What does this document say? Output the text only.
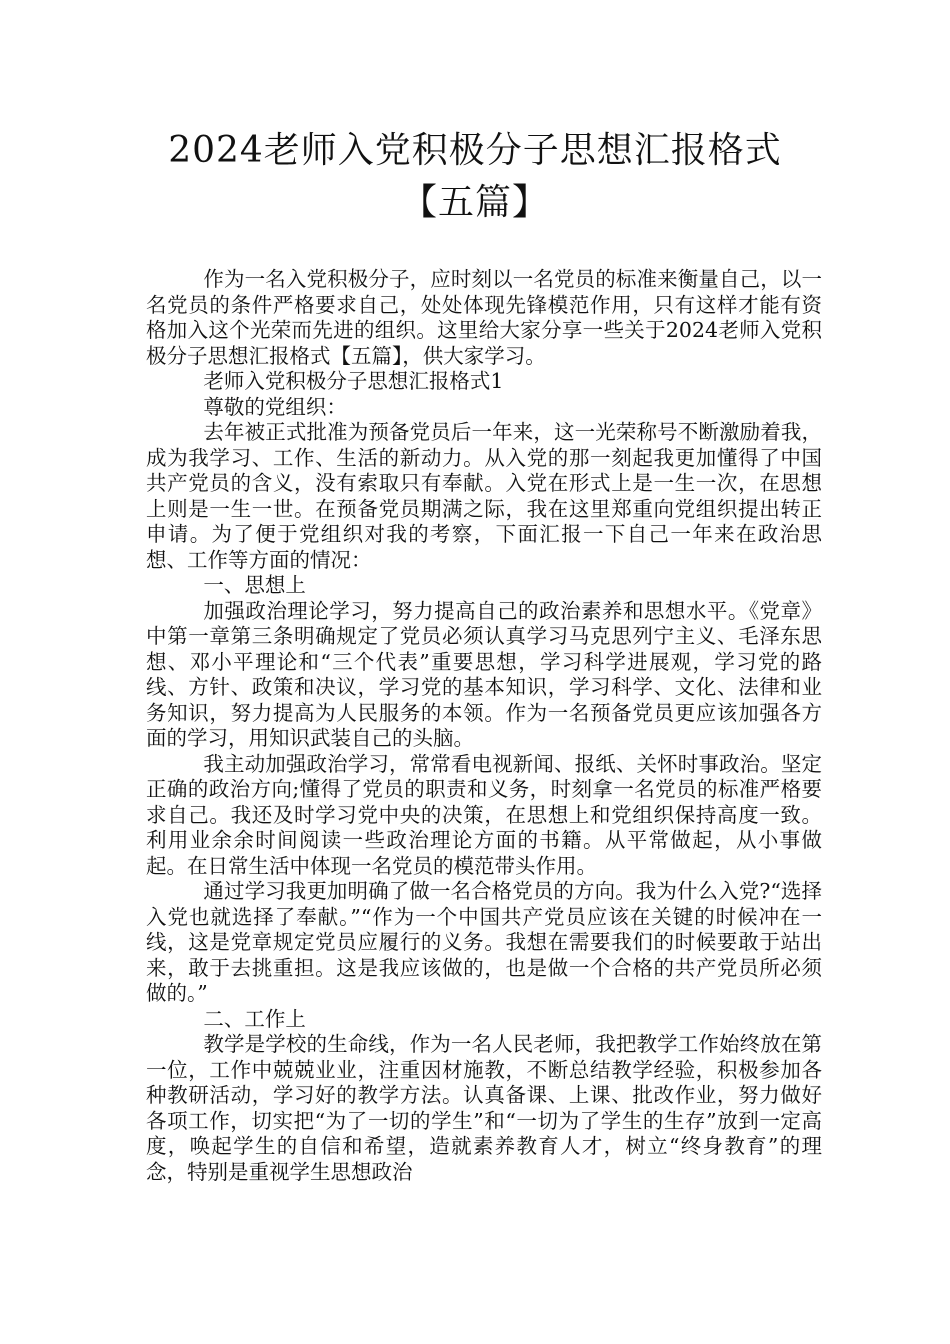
2024老师入党积极分子思想汇报格式【五篇】

作为一名入党积极分子，应时刻以一名党员的标准来衡量自己，以一名党员的条件严格要求自己，处处体现先锋模范作用，只有这样才能有资格加入这个光荣而先进的组织。这里给大家分享一些关于2024老师入党积极分子思想汇报格式【五篇】，供大家学习。

老师入党积极分子思想汇报格式1

尊敬的党组织：

去年被正式批准为预备党员后一年来，这一光荣称号不断激励着我，成为我学习、工作、生活的新动力。从入党的那一刻起我更加懂得了中国共产党员的含义，没有索取只有奉献。入党在形式上是一生一次，在思想上则是一生一世。在预备党员期满之际，我在这里郑重向党组织提出转正申请。为了便于党组织对我的考察，下面汇报一下自己一年来在政治思想、工作等方面的情况：

一、思想上

加强政治理论学习，努力提高自己的政治素养和思想水平。《党章》中第一章第三条明确规定了党员必须认真学习马克思列宁主义、毛泽东思想、邓小平理论和“三个代表”重要思想，学习科学进展观，学习党的路线、方针、政策和决议，学习党的基本知识，学习科学、文化、法律和业务知识，努力提高为人民服务的本领。作为一名预备党员更应该加强各方面的学习，用知识武装自己的头脑。

我主动加强政治学习，常常看电视新闻、报纸、关怀时事政治。坚定正确的政治方向;懂得了党员的职责和义务，时刻拿一名党员的标准严格要求自己。我还及时学习党中央的决策，在思想上和党组织保持高度一致。利用业余余时间阅读一些政治理论方面的书籍。从平常做起，从小事做起。在日常生活中体现一名党员的模范带头作用。

通过学习我更加明确了做一名合格党员的方向。我为什么入党?“选择入党也就选择了奉献。”“作为一个中国共产党员应该在关键的时候冲在一线，这是党章规定党员应履行的义务。我想在需要我们的时候要敢于站出来，敢于去挑重担。这是我应该做的，也是做一个合格的共产党员所必须做的。”

二、工作上

教学是学校的生命线，作为一名人民老师，我把教学工作始终放在第一位，工作中兢兢业业，注重因材施教，不断总结教学经验，积极参加各种教研活动，学习好的教学方法。认真备课、上课、批改作业，努力做好各项工作，切实把“为了一切的学生”和“一切为了学生的生存”放到一定高度，唤起学生的自信和希望，造就素养教育人才，树立“终身教育”的理念，特别是重视学生思想政治
